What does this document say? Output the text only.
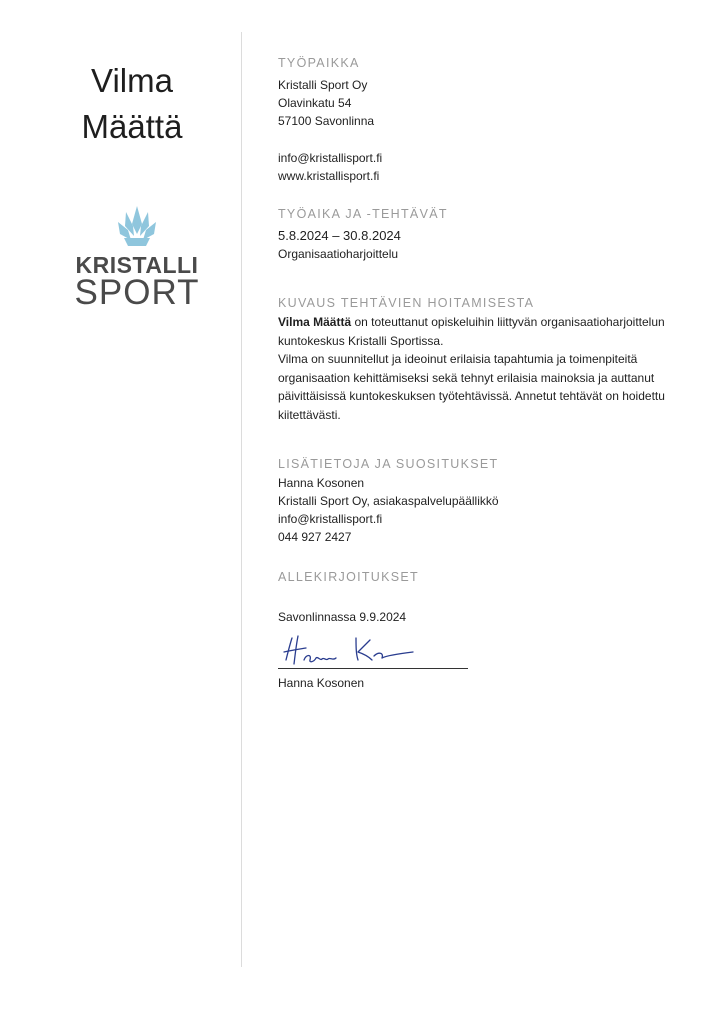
Vilma
Määttä
KRISTALLI
SPORT
TYÖPAIKKA
Kristalli Sport Oy
Olavinkatu 54
57100 Savonlinna
info@kristallisport.fi
www.kristallisport.fi
TYÖAIKA JA -TEHTÄVÄT
5.8.2024 – 30.8.2024
Organisaatioharjoittelu
KUVAUS TEHTÄVIEN HOITAMISESTA
Vilma Määttä on toteuttanut opiskeluihin liittyvän organisaatioharjoittelun kuntokeskus Kristalli Sportissa.
Vilma on suunnitellut ja ideoinut erilaisia tapahtumia ja toimenpiteitä organisaation kehittämiseksi sekä tehnyt erilaisia mainoksia ja auttanut päivittäisissä kuntokeskuksen työtehtävissä. Annetut tehtävät on hoidettu kiitettävästi.
LISÄTIETOJA JA SUOSITUKSET
Hanna Kosonen
Kristalli Sport Oy, asiakaspalvelupäällikkö
info@kristallisport.fi
044 927 2427
ALLEKIRJOITUKSET
Savonlinnassa 9.9.2024
Hanna Kosonen
